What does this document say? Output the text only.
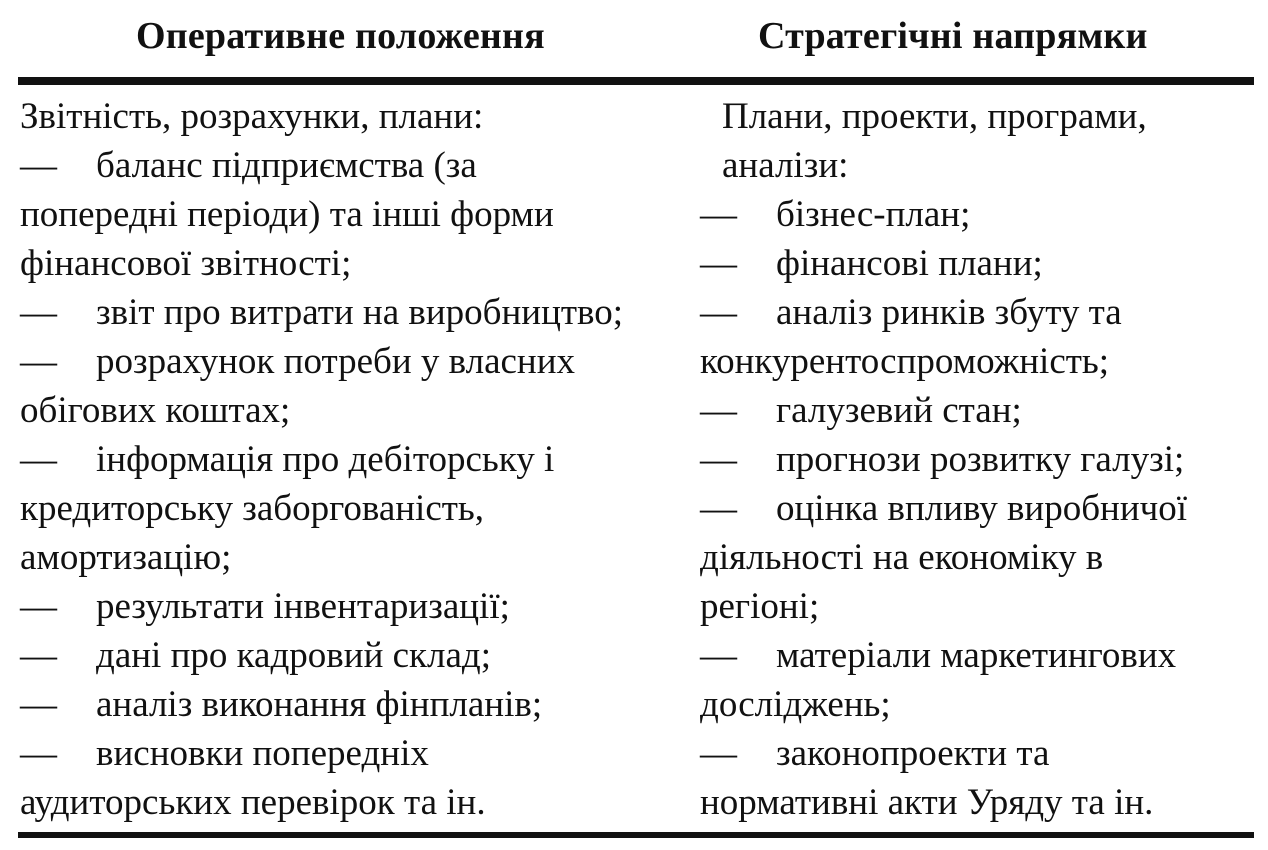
Оперативне положення	Стратегічні напрямки
Звітність, розрахунки, плани:
— баланс підприємства (за
попередні періоди) та інші форми
фінансової звітності;
— звіт про витрати на виробництво;
— розрахунок потреби у власних
обігових коштах;
— інформація про дебіторську і
кредиторську заборгованість,
амортизацію;
— результати інвентаризації;
— дані про кадровий склад;
— аналіз виконання фінпланів;
— висновки попередніх
аудиторських перевірок та ін.
Плани, проекти, програми,
аналізи:
— бізнес-план;
— фінансові плани;
— аналіз ринків збуту та
конкурентоспроможність;
— галузевий стан;
— прогнози розвитку галузі;
— оцінка впливу виробничої
діяльності на економіку в
регіоні;
— матеріали маркетингових
досліджень;
— законопроекти та
нормативні акти Уряду та ін.
